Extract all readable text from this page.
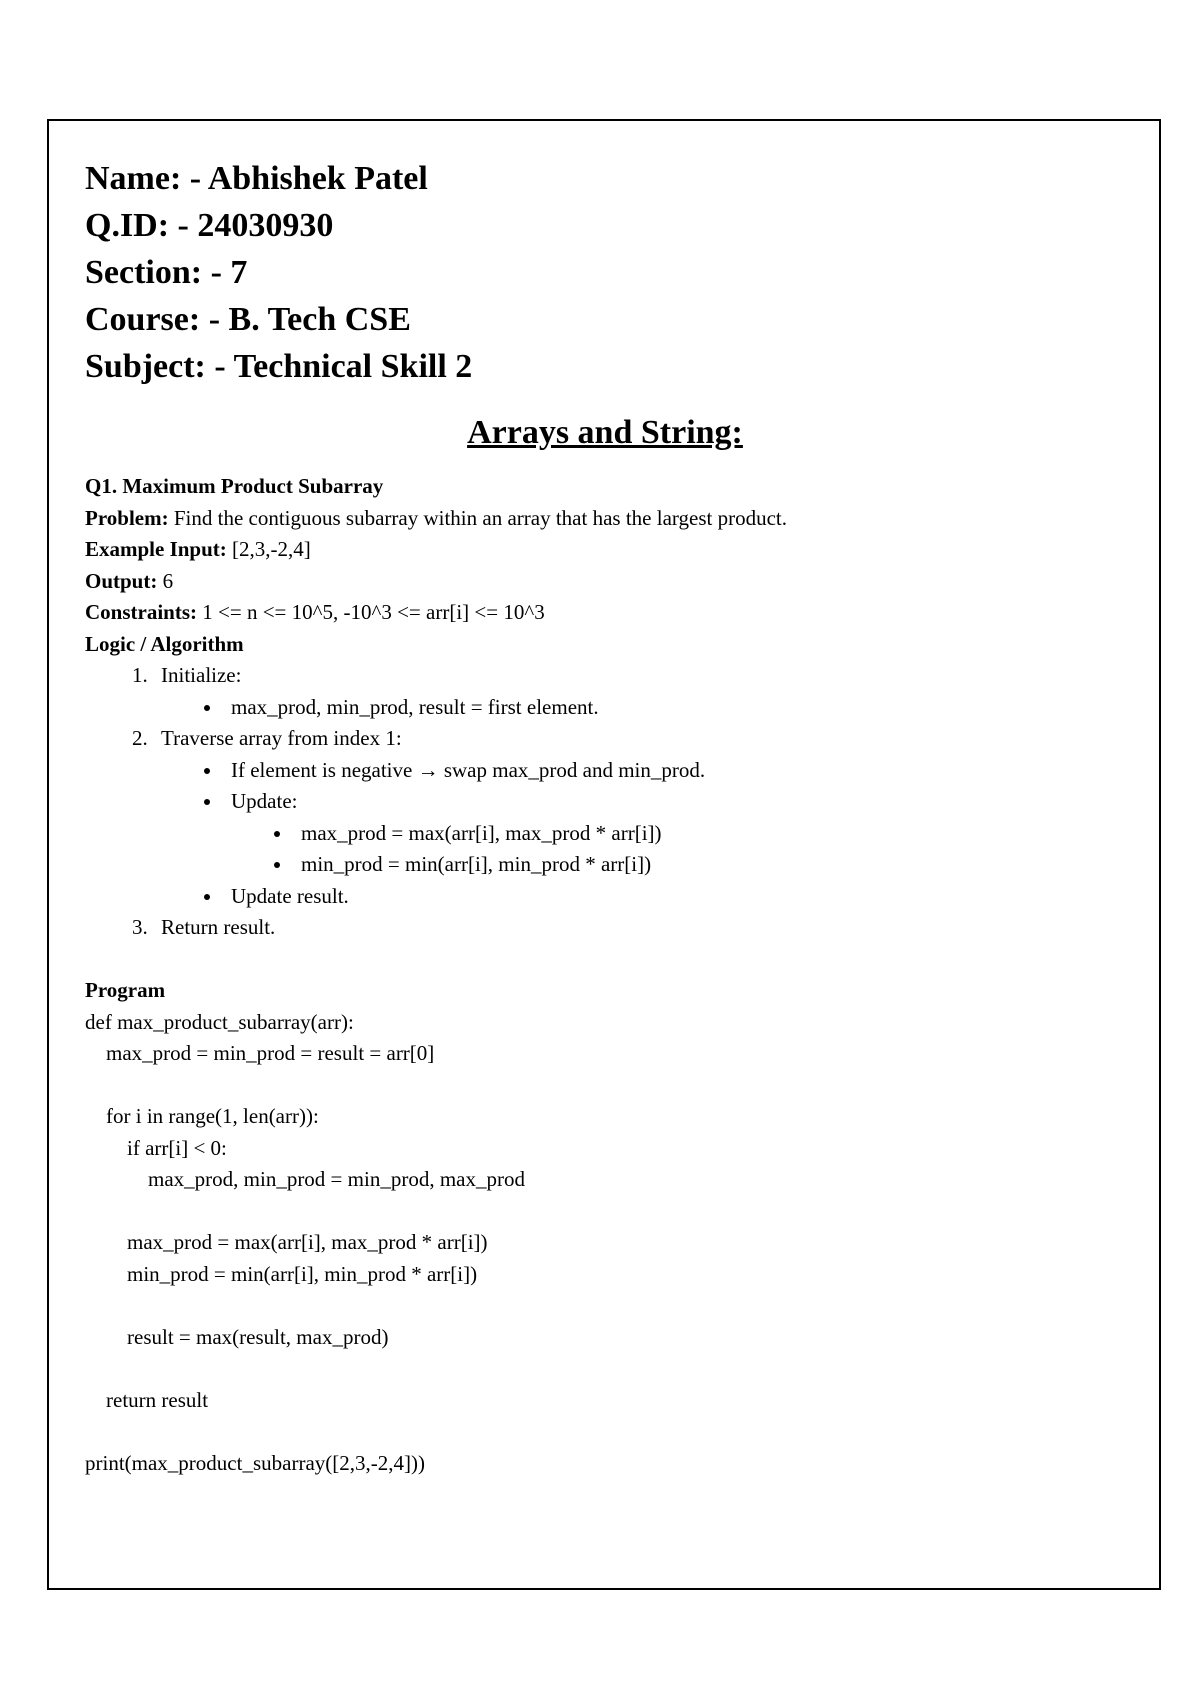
Name: - Abhishek Patel

Q.ID: - 24030930

Section: - 7

Course: - B. Tech CSE

Subject: - Technical Skill 2

Arrays and String:

Q1. Maximum Product Subarray

Problem: Find the contiguous subarray within an array that has the largest product.

Example Input: [2,3,-2,4]

Output: 6

Constraints: 1 <= n <= 10^5, -10^3 <= arr[i] <= 10^3

Logic / Algorithm

1. Initialize:
• max_prod, min_prod, result = first element.
2. Traverse array from index 1:
• If element is negative → swap max_prod and min_prod.
• Update:
• max_prod = max(arr[i], max_prod * arr[i])
• min_prod = min(arr[i], min_prod * arr[i])
• Update result.
3. Return result.

Program

def max_product_subarray(arr):

max_prod = min_prod = result = arr[0]

for i in range(1, len(arr)):

if arr[i] < 0:

max_prod, min_prod = min_prod, max_prod

max_prod = max(arr[i], max_prod * arr[i])

min_prod = min(arr[i], min_prod * arr[i])

result = max(result, max_prod)

return result

print(max_product_subarray([2,3,-2,4]))
